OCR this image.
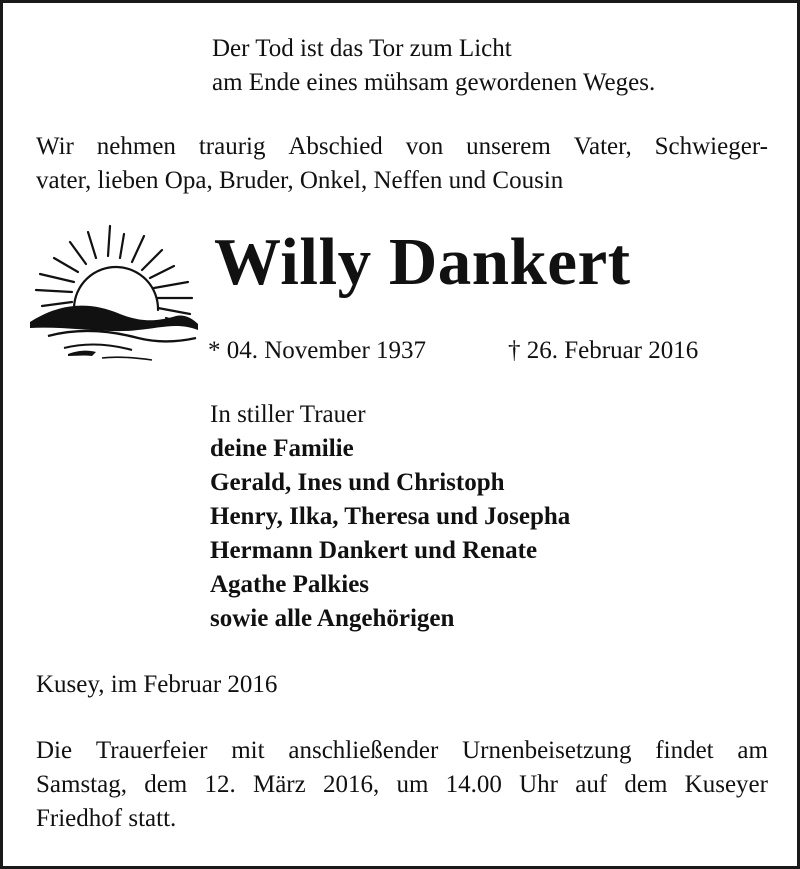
Der Tod ist das Tor zum Licht
am Ende eines mühsam gewordenen Weges.
Wir nehmen traurig Abschied von unserem Vater, Schwieger-
vater, lieben Opa, Bruder, Onkel, Neffen und Cousin
Willy Dankert
* 04. November 1937	† 26. Februar 2016
In stiller Trauer
deine Familie
Gerald, Ines und Christoph
Henry, Ilka, Theresa und Josepha
Hermann Dankert und Renate
Agathe Palkies
sowie alle Angehörigen
Kusey, im Februar 2016
Die Trauerfeier mit anschließender Urnenbeisetzung findet am
Samstag, dem 12. März 2016, um 14.00 Uhr auf dem Kuseyer
Friedhof statt.
